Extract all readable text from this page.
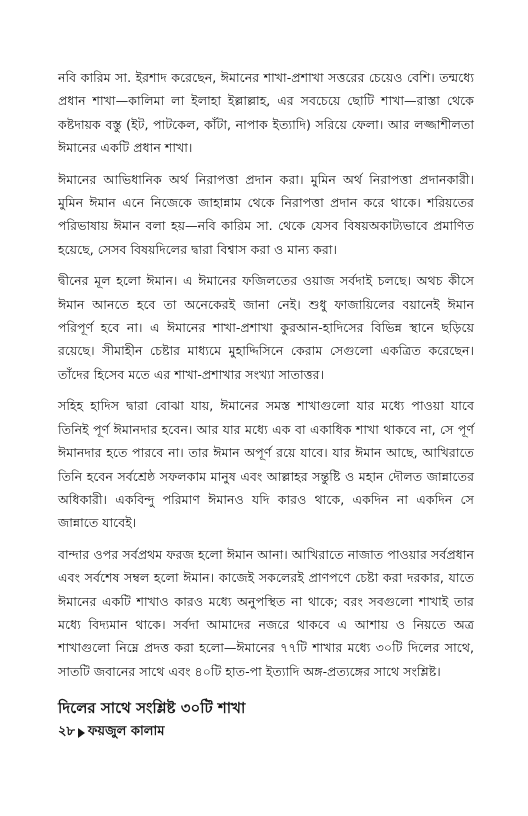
নবি কারিম সা. ইরশাদ করেছেন, ঈমানের শাখা-প্রশাখা সত্তরের চেয়েও বেশি। তন্মধ্যে প্রধান শাখা—কালিমা লা ইলাহা ইল্লাল্লাহ, এর সবচেয়ে ছোটি শাখা—রাস্তা থেকে কষ্টদায়ক বস্তু (ইট, পাটকেল, কাঁটা, নাপাক ইত্যাদি) সরিয়ে ফেলা। আর লজ্জাশীলতা ঈমানের একটি প্রধান শাখা।

ঈমানের আভিধানিক অর্থ নিরাপত্তা প্রদান করা। মুমিন অর্থ নিরাপত্তা প্রদানকারী। মুমিন ঈমান এনে নিজেকে জাহান্নাম থেকে নিরাপত্তা প্রদান করে থাকে। শরিয়তের পরিভাষায় ঈমান বলা হয়—নবি কারিম সা. থেকে যেসব বিষয়অকাট্যভাবে প্রমাণিত হয়েছে, সেসব বিষয়দিলের দ্বারা বিশ্বাস করা ও মান্য করা।

দ্বীনের মূল হলো ঈমান। এ ঈমানের ফজিলতের ওয়াজ সর্বদাই চলছে। অথচ কীসে ঈমান আনতে হবে তা অনেকেরই জানা নেই। শুধু ফাজায়িলের বয়ানেই ঈমান পরিপূর্ণ হবে না। এ ঈমানের শাখা-প্রশাখা কুরআন-হাদিসের বিভিন্ন স্থানে ছড়িয়ে রয়েছে। সীমাহীন চেষ্টার মাধ্যমে মুহাদ্দিসিনে কেরাম সেগুলো একত্রিত করেছেন। তাঁদের হিসেব মতে এর শাখা-প্রশাখার সংখ্যা সাতাত্তর।

সহিহ হাদিস দ্বারা বোঝা যায়, ঈমানের সমস্ত শাখাগুলো যার মধ্যে পাওয়া যাবে তিনিই পূর্ণ ঈমানদার হবেন। আর যার মধ্যে এক বা একাধিক শাখা থাকবে না, সে পূর্ণ ঈমানদার হতে পারবে না। তার ঈমান অপূর্ণ রয়ে যাবে। যার ঈমান আছে, আখিরাতে তিনি হবেন সর্বশ্রেষ্ঠ সফলকাম মানুষ এবং আল্লাহর সন্তুষ্টি ও মহান দৌলত জান্নাতের অধিকারী। একবিন্দু পরিমাণ ঈমানও যদি কারও থাকে, একদিন না একদিন সে জান্নাতে যাবেই।

বান্দার ওপর সর্বপ্রথম ফরজ হলো ঈমান আনা। আখিরাতে নাজাত পাওয়ার সর্বপ্রধান এবং সর্বশেষ সম্বল হলো ঈমান। কাজেই সকলেরই প্রাণপণে চেষ্টা করা দরকার, যাতে ঈমানের একটি শাখাও কারও মধ্যে অনুপস্থিত না থাকে; বরং সবগুলো শাখাই তার মধ্যে বিদ্যমান থাকে। সর্বদা আমাদের নজরে থাকবে এ আশায় ও নিয়তে অত্র শাখাগুলো নিম্নে প্রদত্ত করা হলো—ঈমানের ৭৭টি শাখার মধ্যে ৩০টি দিলের সাথে, সাতটি জবানের সাথে এবং ৪০টি হাত-পা ইত্যাদি অঙ্গ-প্রত্যঙ্গের সাথে সংশ্লিষ্ট।

দিলের সাথে সংশ্লিষ্ট ৩০টি শাখা
২৮ ফয়জুল কালাম
